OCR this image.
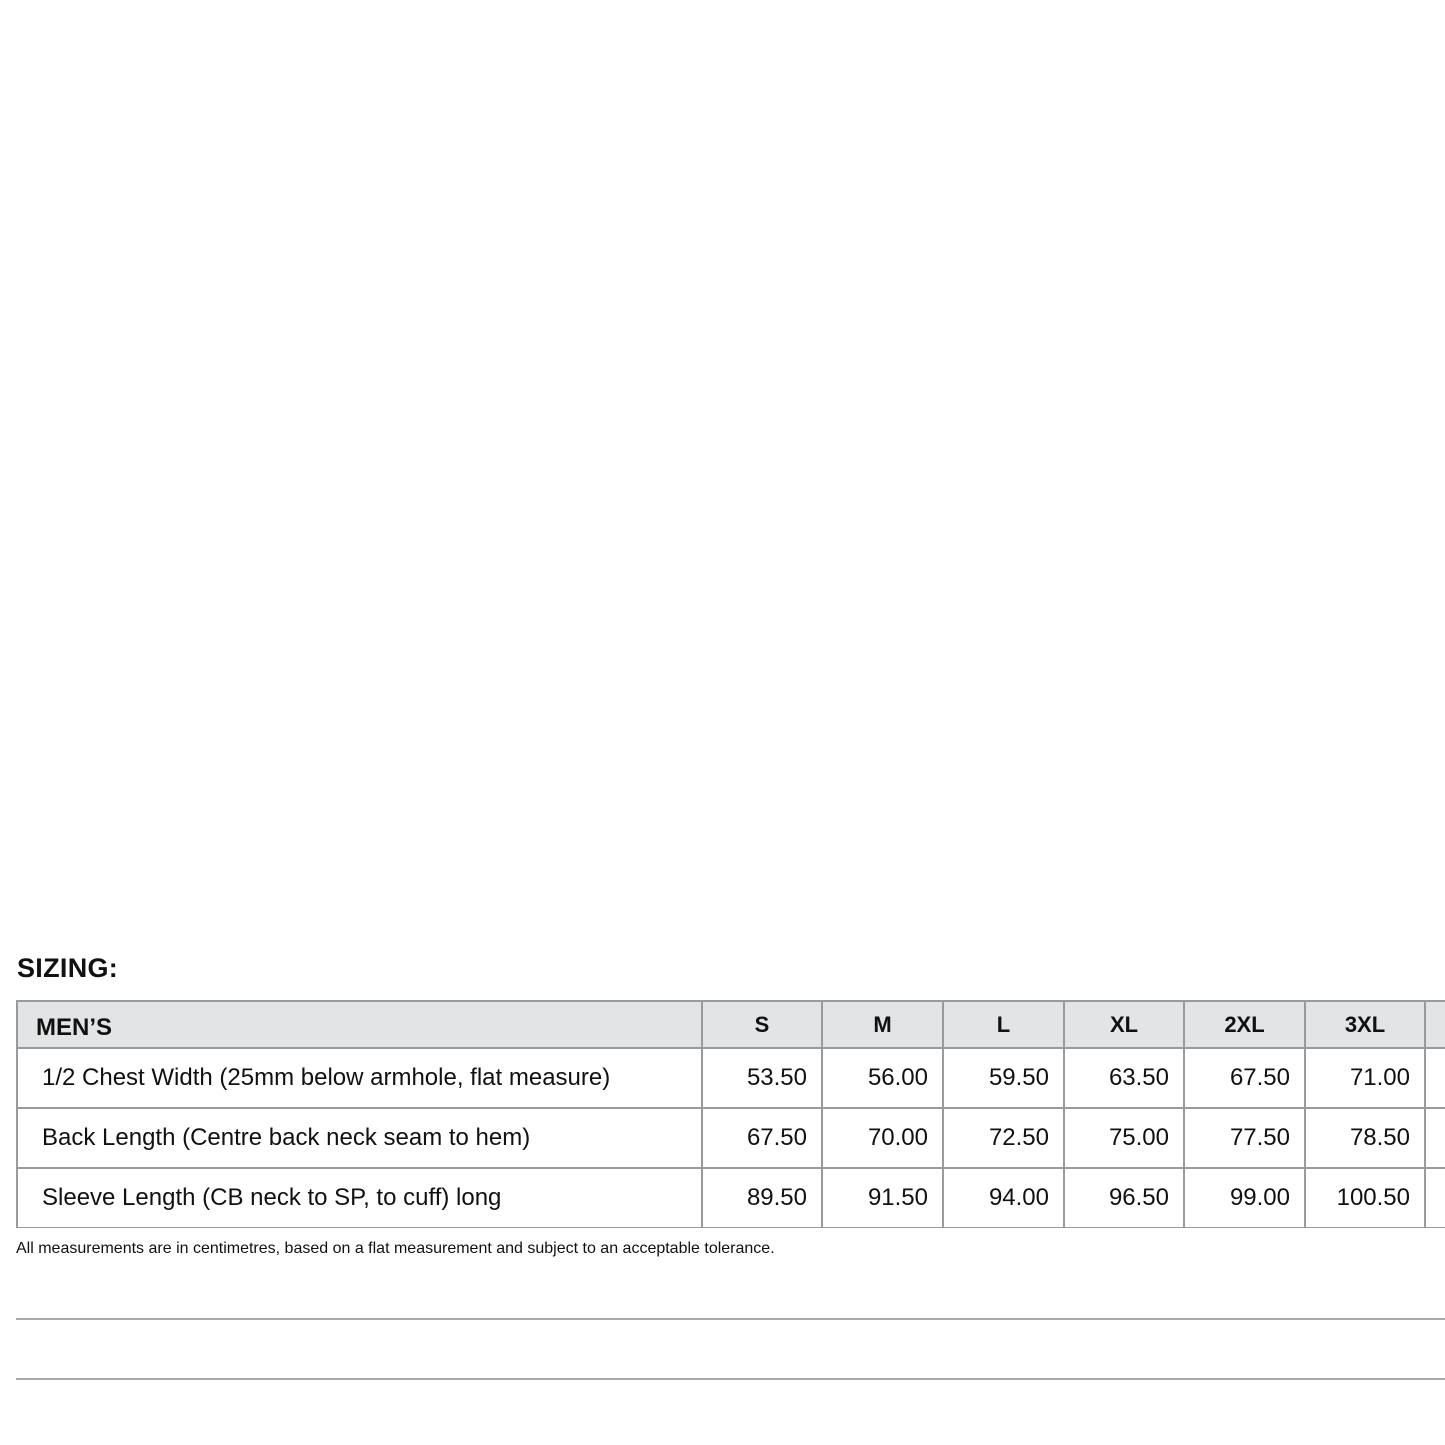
SIZING:
MEN’S	S	M	L	XL	2XL	3XL	
1/2 Chest Width (25mm below armhole, flat measure)	53.50	56.00	59.50	63.50	67.50	71.00	
Back Length (Centre back neck seam to hem)	67.50	70.00	72.50	75.00	77.50	78.50	
Sleeve Length (CB neck to SP, to cuff) long	89.50	91.50	94.00	96.50	99.00	100.50	

All measurements are in centimetres, based on a flat measurement and subject to an acceptable tolerance.
